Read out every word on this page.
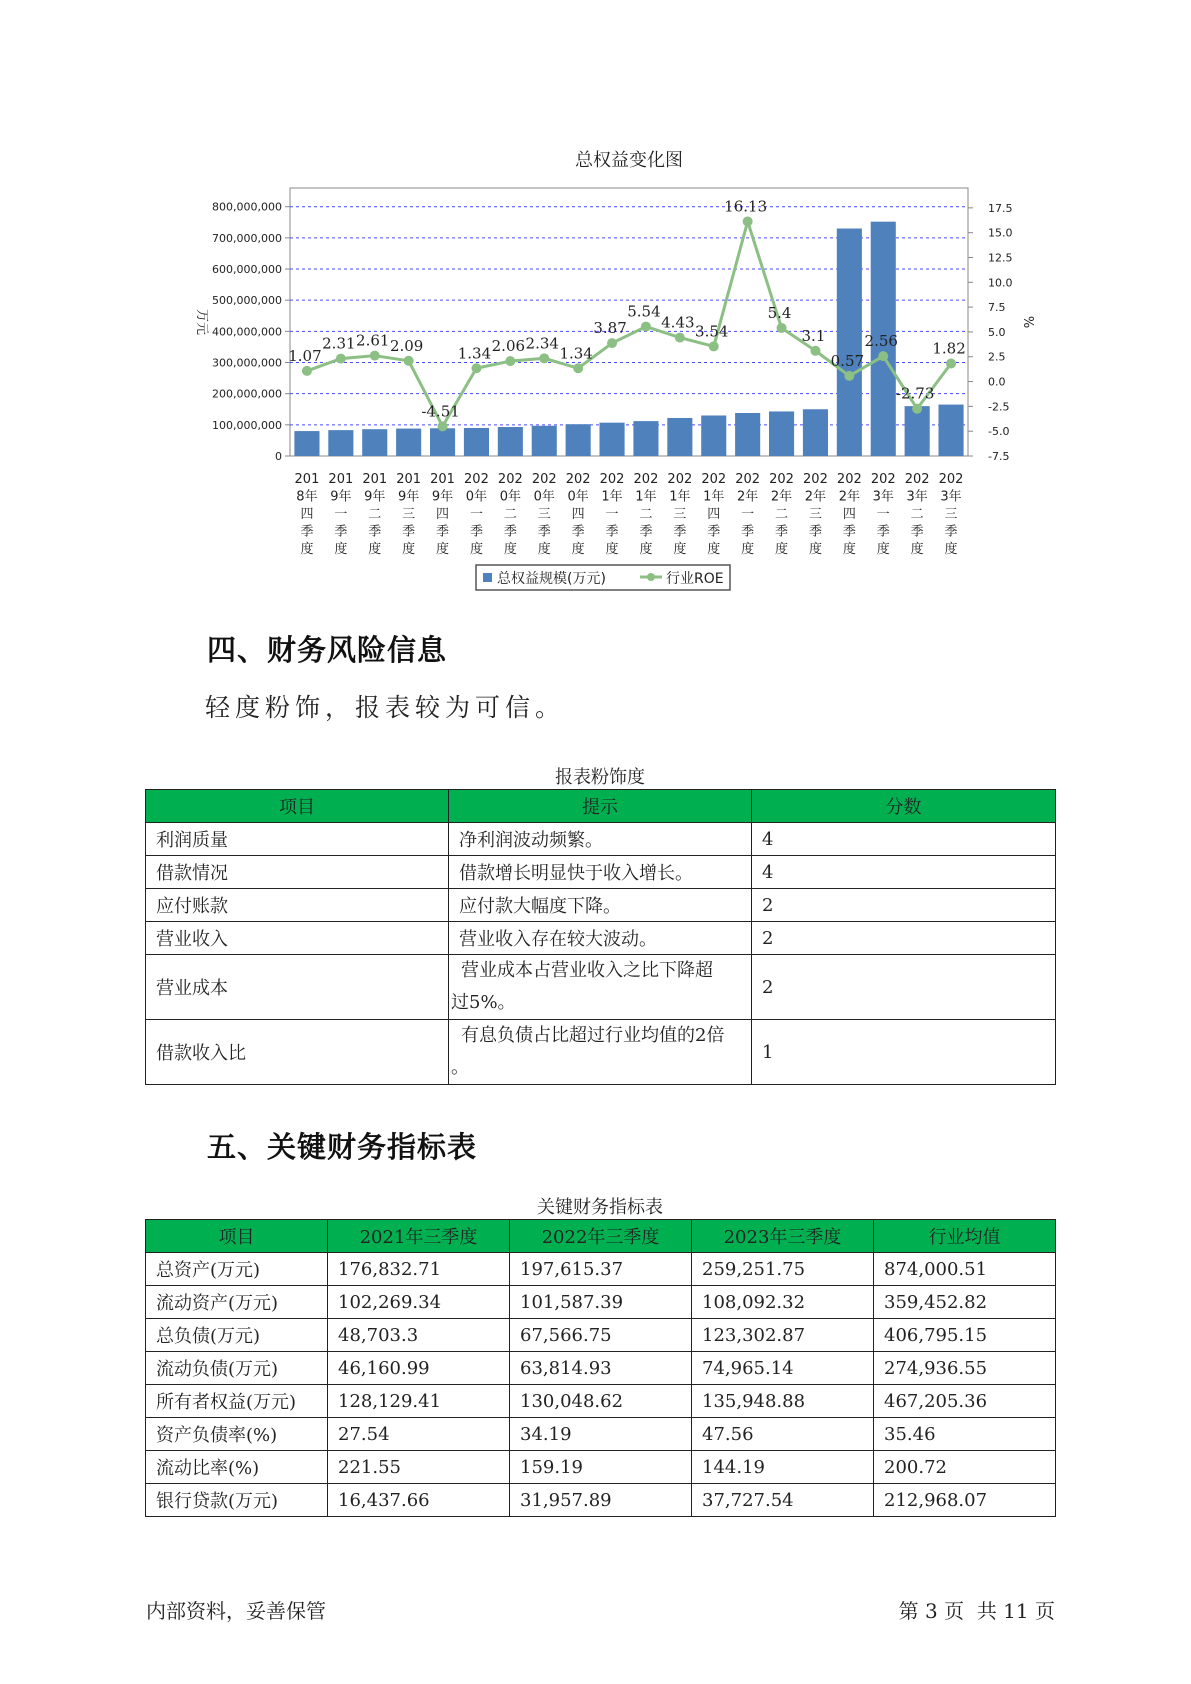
总权益变化图
800,000,000
700,000,000
600,000,000
500,000,000
400,000,000
300,000,000
200,000,000
100,000,000
0
17.5
15.0
12.5
10.0
7.5
5.0
2.5
0.0
-2.5
-5.0
-7.5
万元	%
1.07
2.31 2.61 2.09
-4.51
1.34 2.06 2.34
1.34
3.87
5.54
4.43 3.54
16.13
5.4
3.1
0.57
2.56
-2.73
1.82
201
8年
四
季
度
201
9年
一
季
度
201
9年
二
季
度
201
9年
三
季
度
201
9年
四
季
度
202
0年
一
季
度
202
0年
二
季
度
202
0年
三
季
度
202
0年
四
季
度
202
1年
一
季
度
202
1年
二
季
度
202
1年
三
季
度
202
1年
四
季
度
202
2年
一
季
度
202
2年
二
季
度
202
2年
三
季
度
202
2年
四
季
度
202
3年
一
季
度
202
3年
二
季
度
202
3年
三
季
度
总权益规模(万元)	行业ROE
四、财务风险信息
轻度粉饰，报表较为可信。
报表粉饰度
项目	提示	分数
利润质量	净利润波动频繁。	4
借款情况	借款增长明显快于收入增长。	4
应付账款	应付款大幅度下降。	2
营业收入	营业收入存在较大波动。	2
营业成本	营业成本占营业收入之比下降超
过5%。	2
借款收入比	有息负债占比超过行业均值的2倍
。	1
五、关键财务指标表
关键财务指标表
项目	2021年三季度	2022年三季度	2023年三季度	行业均值
总资产(万元)	176,832.71	197,615.37	259,251.75	874,000.51
流动资产(万元)	102,269.34	101,587.39	108,092.32	359,452.82
总负债(万元)	48,703.3	67,566.75	123,302.87	406,795.15
流动负债(万元)	46,160.99	63,814.93	74,965.14	274,936.55
所有者权益(万元)	128,129.41	130,048.62	135,948.88	467,205.36
资产负债率(%)	27.54	34.19	47.56	35.46
流动比率(%)	221.55	159.19	144.19	200.72
银行贷款(万元)	16,437.66	31,957.89	37,727.54	212,968.07
内部资料，妥善保管	第 3 页  共 11 页
